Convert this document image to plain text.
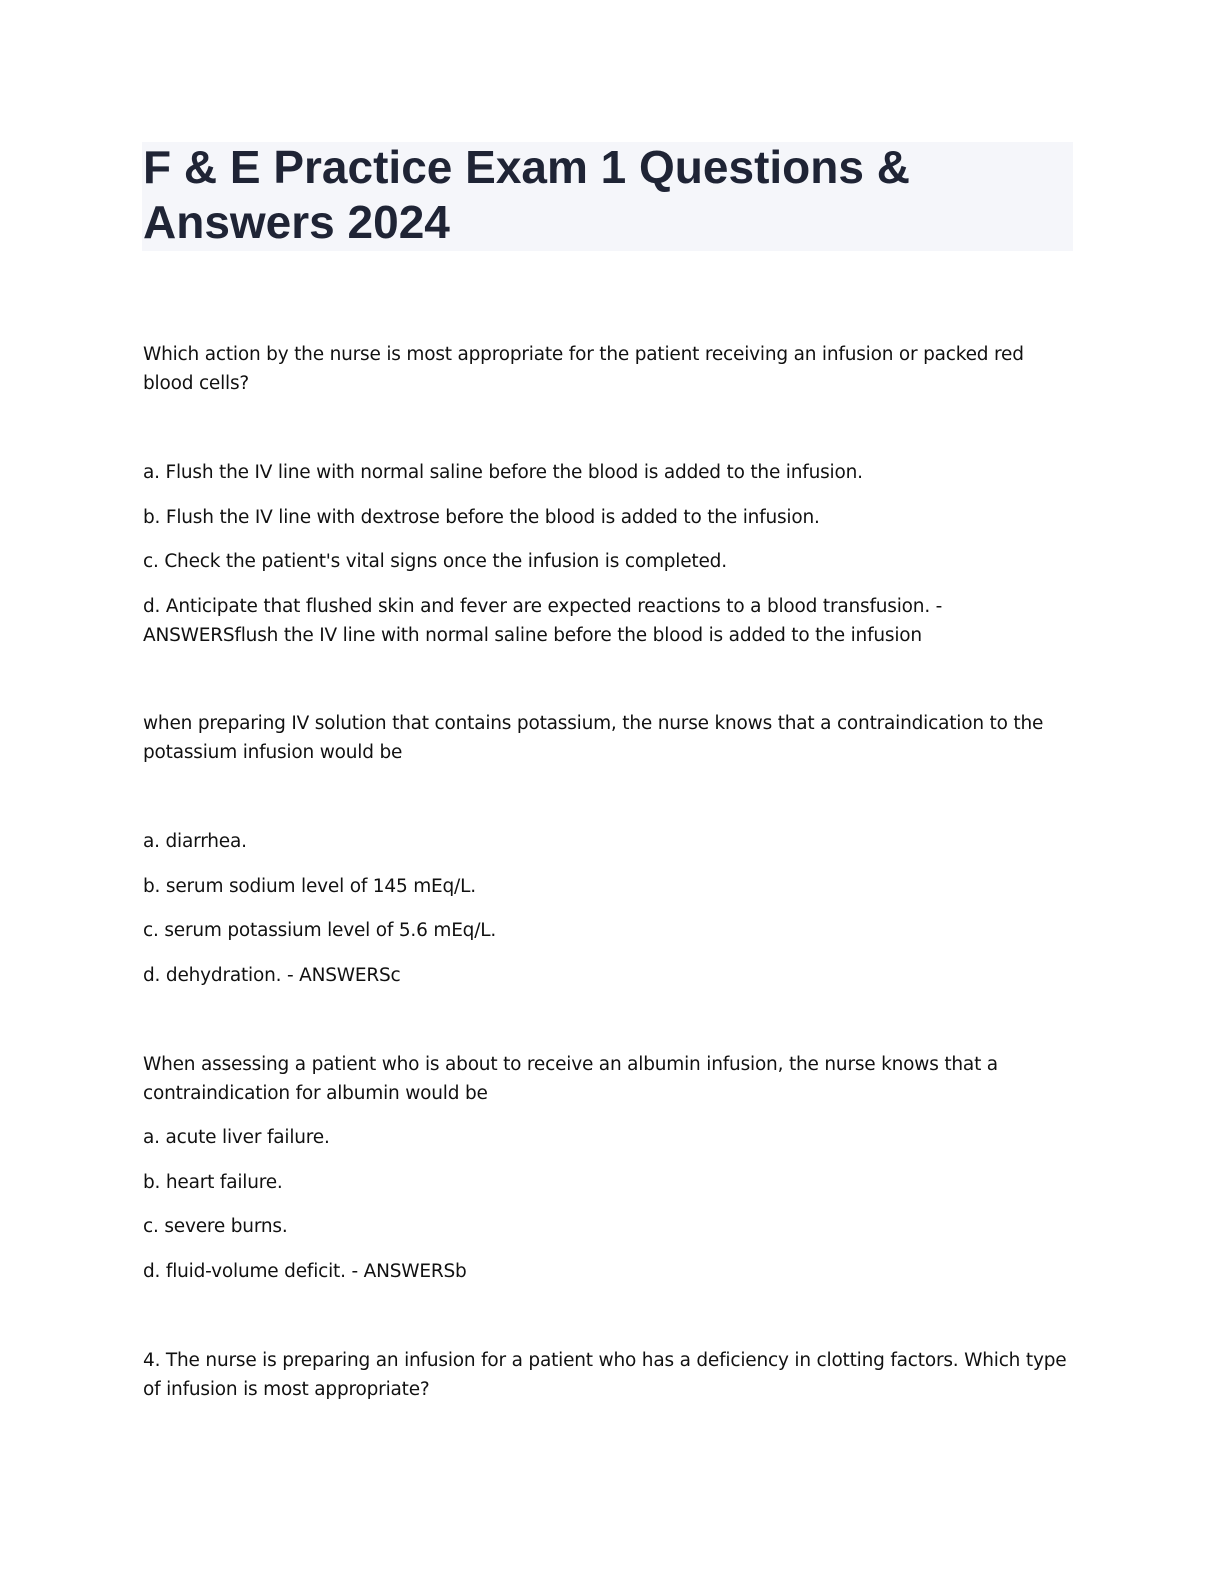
F & E Practice Exam 1 Questions & Answers 2024

Which action by the nurse is most appropriate for the patient receiving an infusion or packed red blood cells?

a. Flush the IV line with normal saline before the blood is added to the infusion.

b. Flush the IV line with dextrose before the blood is added to the infusion.

c. Check the patient's vital signs once the infusion is completed.

d. Anticipate that flushed skin and fever are expected reactions to a blood transfusion. - ANSWERSflush the IV line with normal saline before the blood is added to the infusion

when preparing IV solution that contains potassium, the nurse knows that a contraindication to the potassium infusion would be

a. diarrhea.

b. serum sodium level of 145 mEq/L.

c. serum potassium level of 5.6 mEq/L.

d. dehydration. - ANSWERSc

When assessing a patient who is about to receive an albumin infusion, the nurse knows that a contraindication for albumin would be

a. acute liver failure.

b. heart failure.

c. severe burns.

d. fluid-volume deficit. - ANSWERSb

4. The nurse is preparing an infusion for a patient who has a deficiency in clotting factors. Which type of infusion is most appropriate?
